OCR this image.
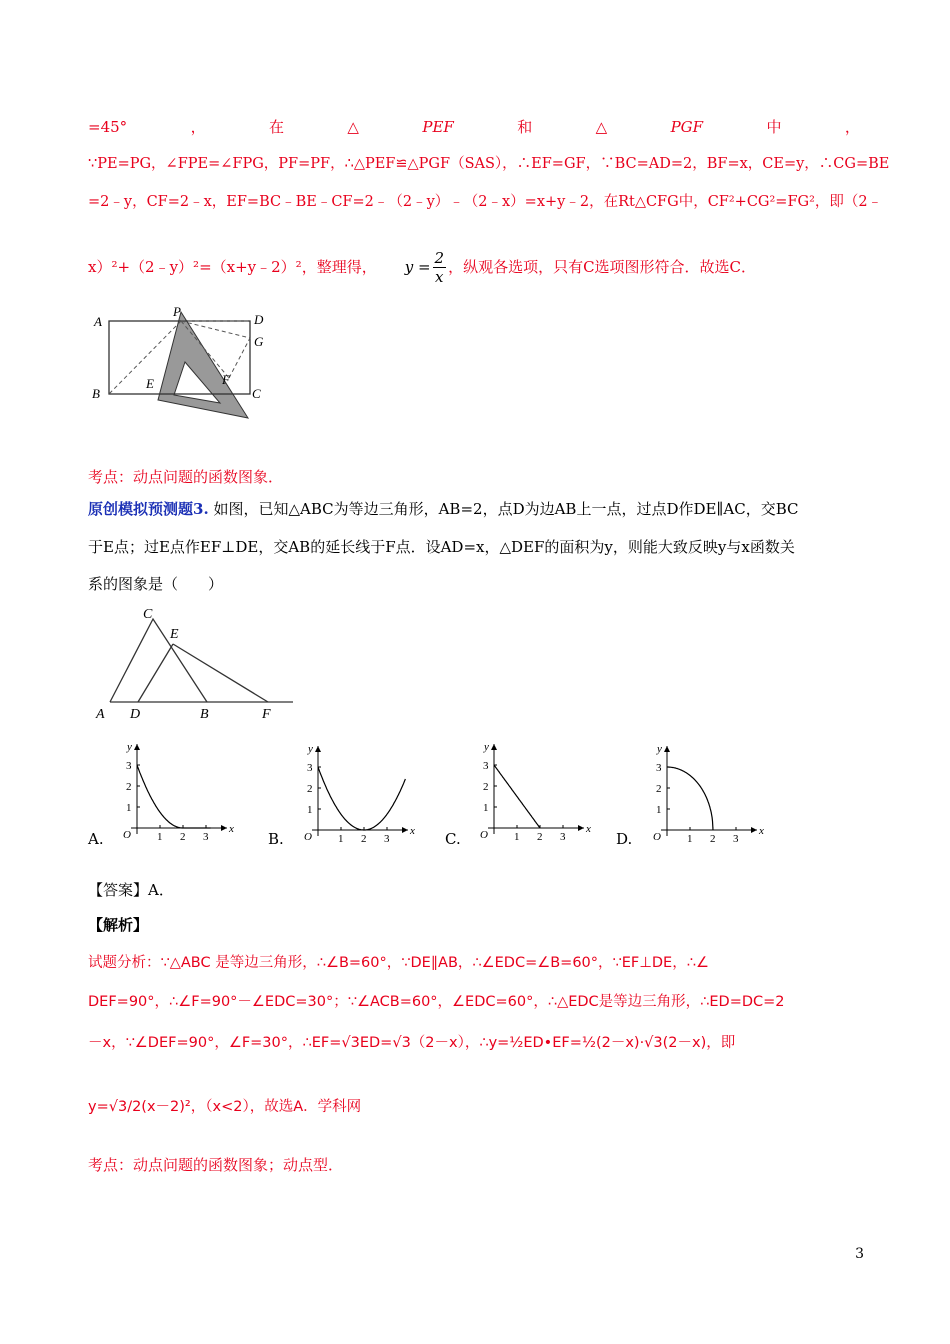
=45°	，	在	△	PEF	和	△	PGF	中	，
∵PE=PG，∠FPE=∠FPG，PF=PF，∴△PEF≌△PGF（SAS），∴EF=GF，∵BC=AD=2，BF=x，CE=y，∴CG=BE
=2﹣y，CF=2﹣x，EF=BC﹣BE﹣CF=2﹣（2﹣y）﹣（2﹣x）=x+y﹣2，在Rt△CFG中，CF²+CG²=FG²，即（2﹣
x）²+（2﹣y）²=（x+y﹣2）²，整理得， $y = \frac{2}{x}$ ，纵观各选项，只有C选项图形符合．故选C．
A
P
D
G
B
E	F
C
考点：动点问题的函数图象．
原创模拟预测题3. 如图，已知△ABC为等边三角形，AB=2，点D为边AB上一点，过点D作DE∥AC，交BC
于E点；过E点作EF⊥DE，交AB的延长线于F点．设AD=x，△DEF的面积为y，则能大致反映y与x函数关
系的图象是（　　）
C
E
A D	B	F
A.	B.	C.	D.
O	x
y
1
1
2
2
3
3
O	x
y
1
1
2
2
3
3
O	x
y
1
1
2
2
3
3
O	x
y
1
1
2
2
3
3
【答案】A．
【解析】
试题分析：∵△ABC 是等边三角形，∴∠B=60°，∵DE∥AB，∴∠EDC=∠B=60°，∵EF⊥DE，∴∠
DEF=90°，∴∠F=90°－∠EDC=30°；∵∠ACB=60°，∠EDC=60°，∴△EDC是等边三角形，∴ED=DC=2
－x，∵∠DEF=90°，∠F=30°，∴EF=√3ED=√3（2－x），∴y=½ED•EF=½(2－x)·√3(2－x)，即
y=√3/2(x－2)²，（x<2），故选A．学科网
考点：动点问题的函数图象；动点型．
3
